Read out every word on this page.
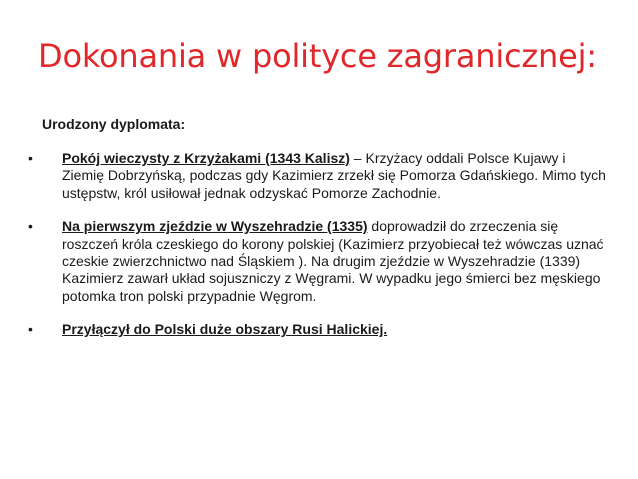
Dokonania w polityce zagranicznej:
Urodzony dyplomata:
• Pokój wieczysty z Krzyżakami (1343 Kalisz) – Krzyżacy oddali Polsce Kujawy i Ziemię Dobrzyńską, podczas gdy Kazimierz zrzekł się Pomorza Gdańskiego. Mimo tych ustępstw, król usiłował jednak odzyskać Pomorze Zachodnie.
• Na pierwszym zjeździe w Wyszehradzie (1335) doprowadził do zrzeczenia się roszczeń króla czeskiego do korony polskiej (Kazimierz przyobiecał też wówczas uznać czeskie zwierzchnictwo nad Śląskiem ). Na drugim zjeździe w Wyszehradzie (1339) Kazimierz zawarł układ sojuszniczy z Węgrami. W wypadku jego śmierci bez męskiego potomka tron polski przypadnie Węgrom.
• Przyłączył do Polski duże obszary Rusi Halickiej.
